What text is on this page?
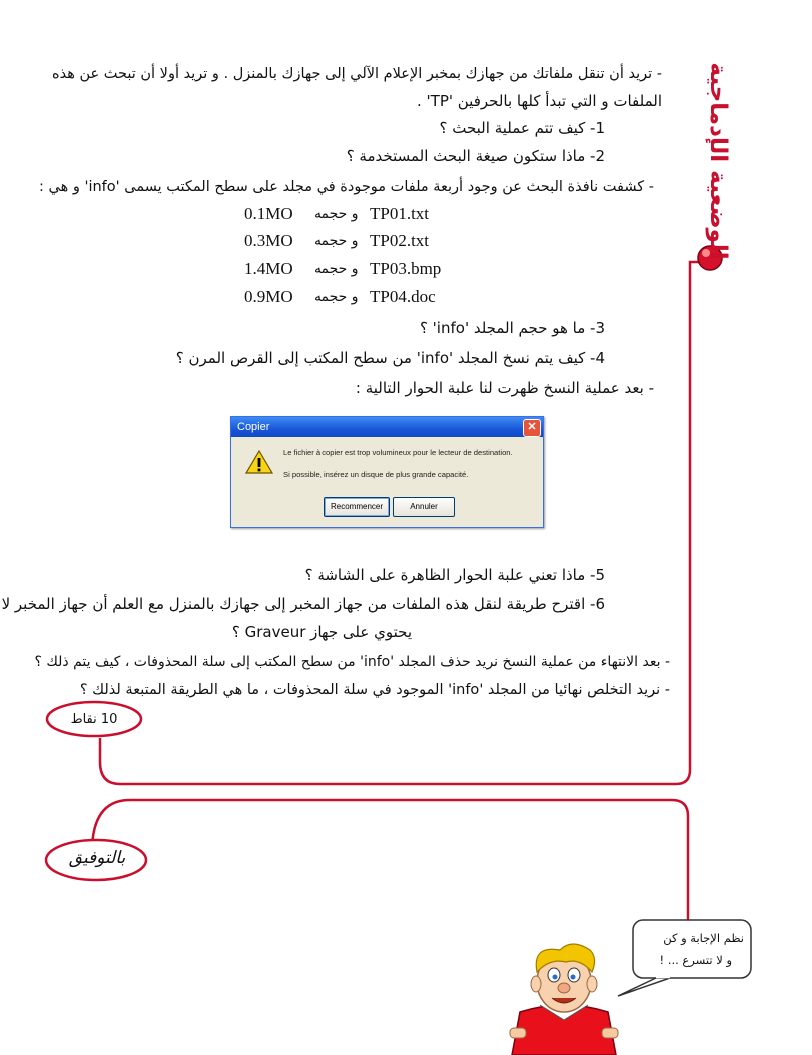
الوضعية الإدماجية
- تريد أن تنقل ملفاتك من جهازك بمخبر الإعلام الآلي إلى جهازك بالمنزل . و تريد أولا أن تبحث عن هذه
الملفات و التي تبدأ كلها بالحرفين 'TP' .
1- كيف تتم عملية البحث ؟
2- ماذا ستكون صيغة البحث المستخدمة ؟
- كشفت نافذة البحث عن وجود أربعة ملفات موجودة في مجلد على سطح المكتب يسمى 'info' و هي :
0.1MO و حجمه TP01.txt
0.3MO و حجمه TP02.txt
1.4MO و حجمه TP03.bmp
0.9MO و حجمه TP04.doc
3- ما هو حجم المجلد 'info' ؟
4- كيف يتم نسخ المجلد 'info' من سطح المكتب إلى القرص المرن ؟
- بعد عملية النسخ ظهرت لنا علبة الحوار التالية :
Copier	✕
Le fichier à copier est trop volumineux pour le lecteur de destination.
Si possible, insérez un disque de plus grande capacité.
Recommencer	Annuler
5- ماذا تعني علبة الحوار الظاهرة على الشاشة ؟
6- اقترح طريقة لنقل هذه الملفات من جهاز المخبر إلى جهازك بالمنزل مع العلم أن جهاز المخبر لا
يحتوي على جهاز Graveur ؟
- بعد الانتهاء من عملية النسخ نريد حذف المجلد 'info' من سطح المكتب إلى سلة المحذوفات ، كيف يتم ذلك ؟
- نريد التخلص نهائيا من المجلد 'info' الموجود في سلة المحذوفات ، ما هي الطريقة المتبعة لذلك ؟
10 نقاط
بالتوفيق
نظم الإجابة و كن
و لا تتسرع ... !
